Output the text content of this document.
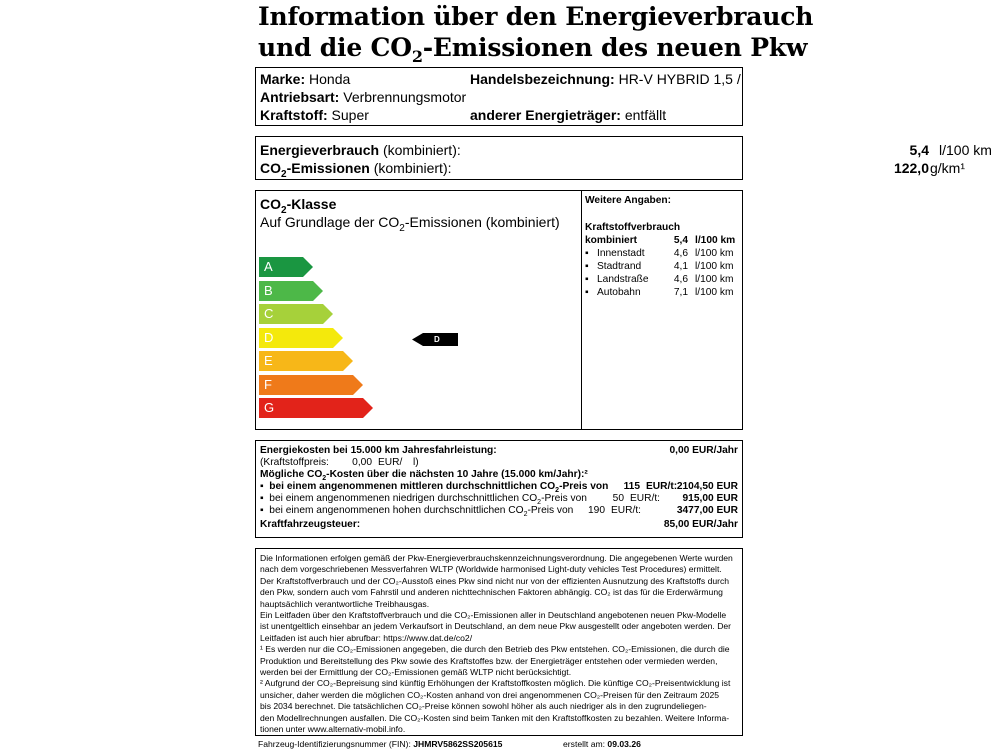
Information über den Energieverbrauch
und die $CO_2$-Emissionen des neuen Pkw
Marke: Honda	Handelsbezeichnung: HR-V HYBRID 1,5 /
Antriebsart: Verbrennungsmotor
Kraftstoff: Super	anderer Energieträger: entfällt
Energieverbrauch (kombiniert):	5,4 l/100 km
$CO_2$-Emissionen (kombiniert):	122,0 g/km¹
$CO_2$-Klasse
Auf Grundlage der $CO_2$-Emissionen (kombiniert)
A
B
C
D
E
F
G
D
Weitere Angaben:
Kraftstoffverbrauch
kombiniert	5,4 l/100 km
▪ Innenstadt	4,6 l/100 km
▪ Stadtrand	4,1 l/100 km
▪ Landstraße	4,6 l/100 km
▪ Autobahn	7,1 l/100 km
Energiekosten bei 15.000 km Jahresfahrleistung:	0,00 EUR/Jahr
(Kraftstoffpreis:	0,00 EUR/ l)
Mögliche $CO_2$-Kosten über die nächsten 10 Jahre (15.000 km/Jahr):²
▪ bei einem angenommenen mittleren durchschnittlichen $CO_2$-Preis von	115 EUR/t: 2104,50 EUR
▪ bei einem angenommenen niedrigen durchschnittlichen $CO_2$-Preis von	50 EUR/t:	915,00 EUR
▪ bei einem angenommenen hohen durchschnittlichen $CO_2$-Preis von	190 EUR/t:	3477,00 EUR
Kraftfahrzeugsteuer:	85,00 EUR/Jahr
Die Informationen erfolgen gemäß der Pkw-Energieverbrauchskennzeichnungsverordnung. Die angegebenen Werte wurden
nach dem vorgeschriebenen Messverfahren WLTP (Worldwide harmonised Light-duty vehicles Test Procedures) ermittelt.
Der Kraftstoffverbrauch und der CO₂-Ausstoß eines Pkw sind nicht nur von der effizienten Ausnutzung des Kraftstoffs durch
den Pkw, sondern auch vom Fahrstil und anderen nichttechnischen Faktoren abhängig. CO₂ ist das für die Erderwärmung
hauptsächlich verantwortliche Treibhausgas.
Ein Leitfaden über den Kraftstoffverbrauch und die CO₂-Emissionen aller in Deutschland angebotenen neuen Pkw-Modelle
ist unentgeltlich einsehbar an jedem Verkaufsort in Deutschland, an dem neue Pkw ausgestellt oder angeboten werden. Der
Leitfaden ist auch hier abrufbar: https://www.dat.de/co2/
¹ Es werden nur die CO₂-Emissionen angegeben, die durch den Betrieb des Pkw entstehen. CO₂-Emissionen, die durch die
Produktion und Bereitstellung des Pkw sowie des Kraftstoffes bzw. der Energieträger entstehen oder vermieden werden,
werden bei der Ermittlung der CO₂-Emissionen gemäß WLTP nicht berücksichtigt.
² Aufgrund der CO₂-Bepreisung sind künftig Erhöhungen der Kraftstoffkosten möglich. Die künftige CO₂-Preisentwicklung ist
unsicher, daher werden die möglichen CO₂-Kosten anhand von drei angenommenen CO₂-Preisen für den Zeitraum 2025
bis 2034 berechnet. Die tatsächlichen CO₂-Preise können sowohl höher als auch niedriger als in den zugrundeliegen-
den Modellrechnungen ausfallen. Die CO₂-Kosten sind beim Tanken mit den Kraftstoffkosten zu bezahlen. Weitere Informa-
tionen unter www.alternativ-mobil.info.
Fahrzeug-Identifizierungsnummer (FIN): JHMRV5862SS205615	erstellt am: 09.03.26
